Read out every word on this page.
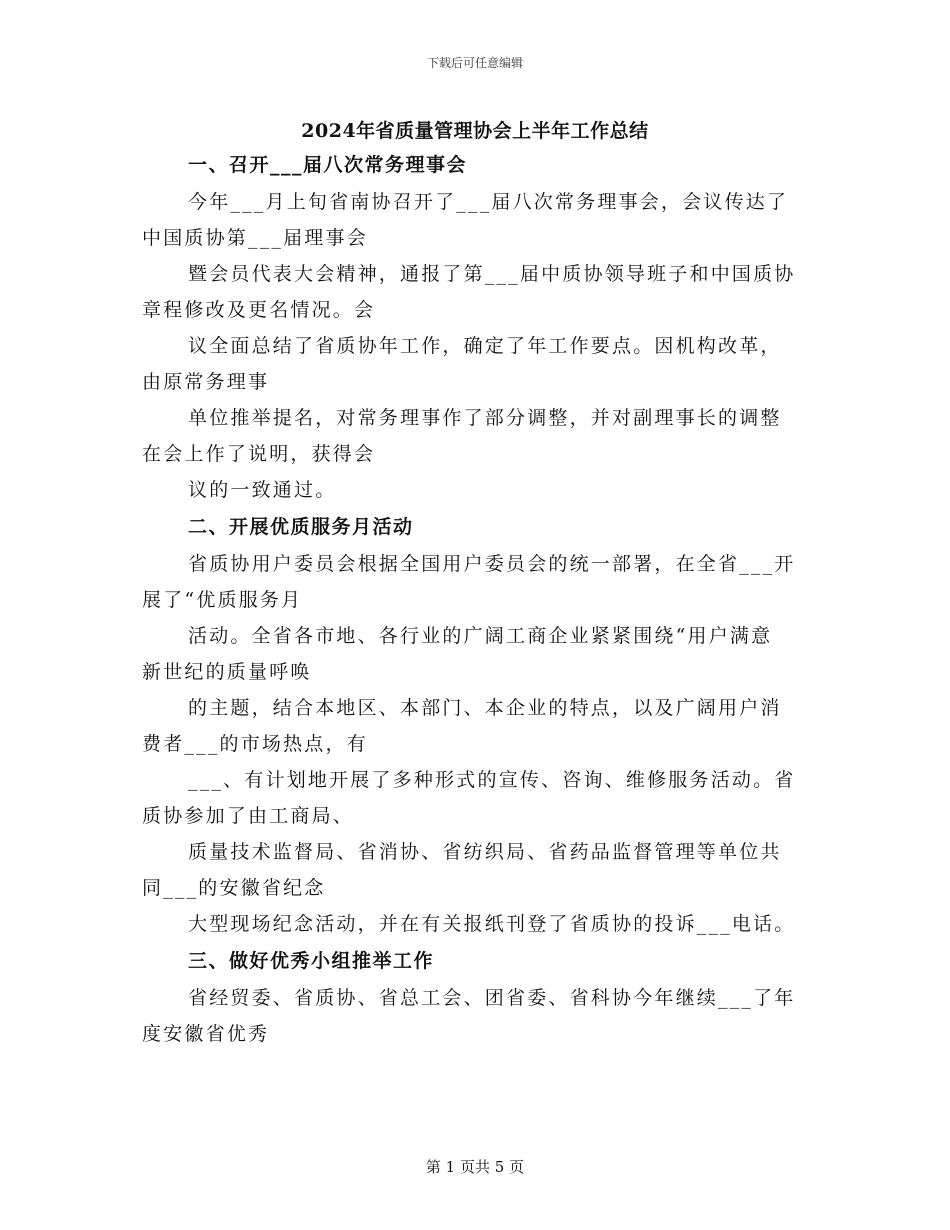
下载后可任意编辑
2024年省质量管理协会上半年工作总结
一、召开___届八次常务理事会
今年___月上旬省南协召开了___届八次常务理事会，会议传达了
中国质协第___届理事会
暨会员代表大会精神，通报了第___届中质协领导班子和中国质协
章程修改及更名情况。会
议全面总结了省质协年工作，确定了年工作要点。因机构改革，
由原常务理事
单位推举提名，对常务理事作了部分调整，并对副理事长的调整
在会上作了说明，获得会
议的一致通过。
二、开展优质服务月活动
省质协用户委员会根据全国用户委员会的统一部署，在全省___开
展了“优质服务月
活动。全省各市地、各行业的广阔工商企业紧紧围绕“用户满意
新世纪的质量呼唤
的主题，结合本地区、本部门、本企业的特点，以及广阔用户消
费者___的市场热点，有
___、有计划地开展了多种形式的宣传、咨询、维修服务活动。省
质协参加了由工商局、
质量技术监督局、省消协、省纺织局、省药品监督管理等单位共
同___的安徽省纪念
大型现场纪念活动，并在有关报纸刊登了省质协的投诉___电话。
三、做好优秀小组推举工作
省经贸委、省质协、省总工会、团省委、省科协今年继续___了年
度安徽省优秀
第 1 页共 5 页
